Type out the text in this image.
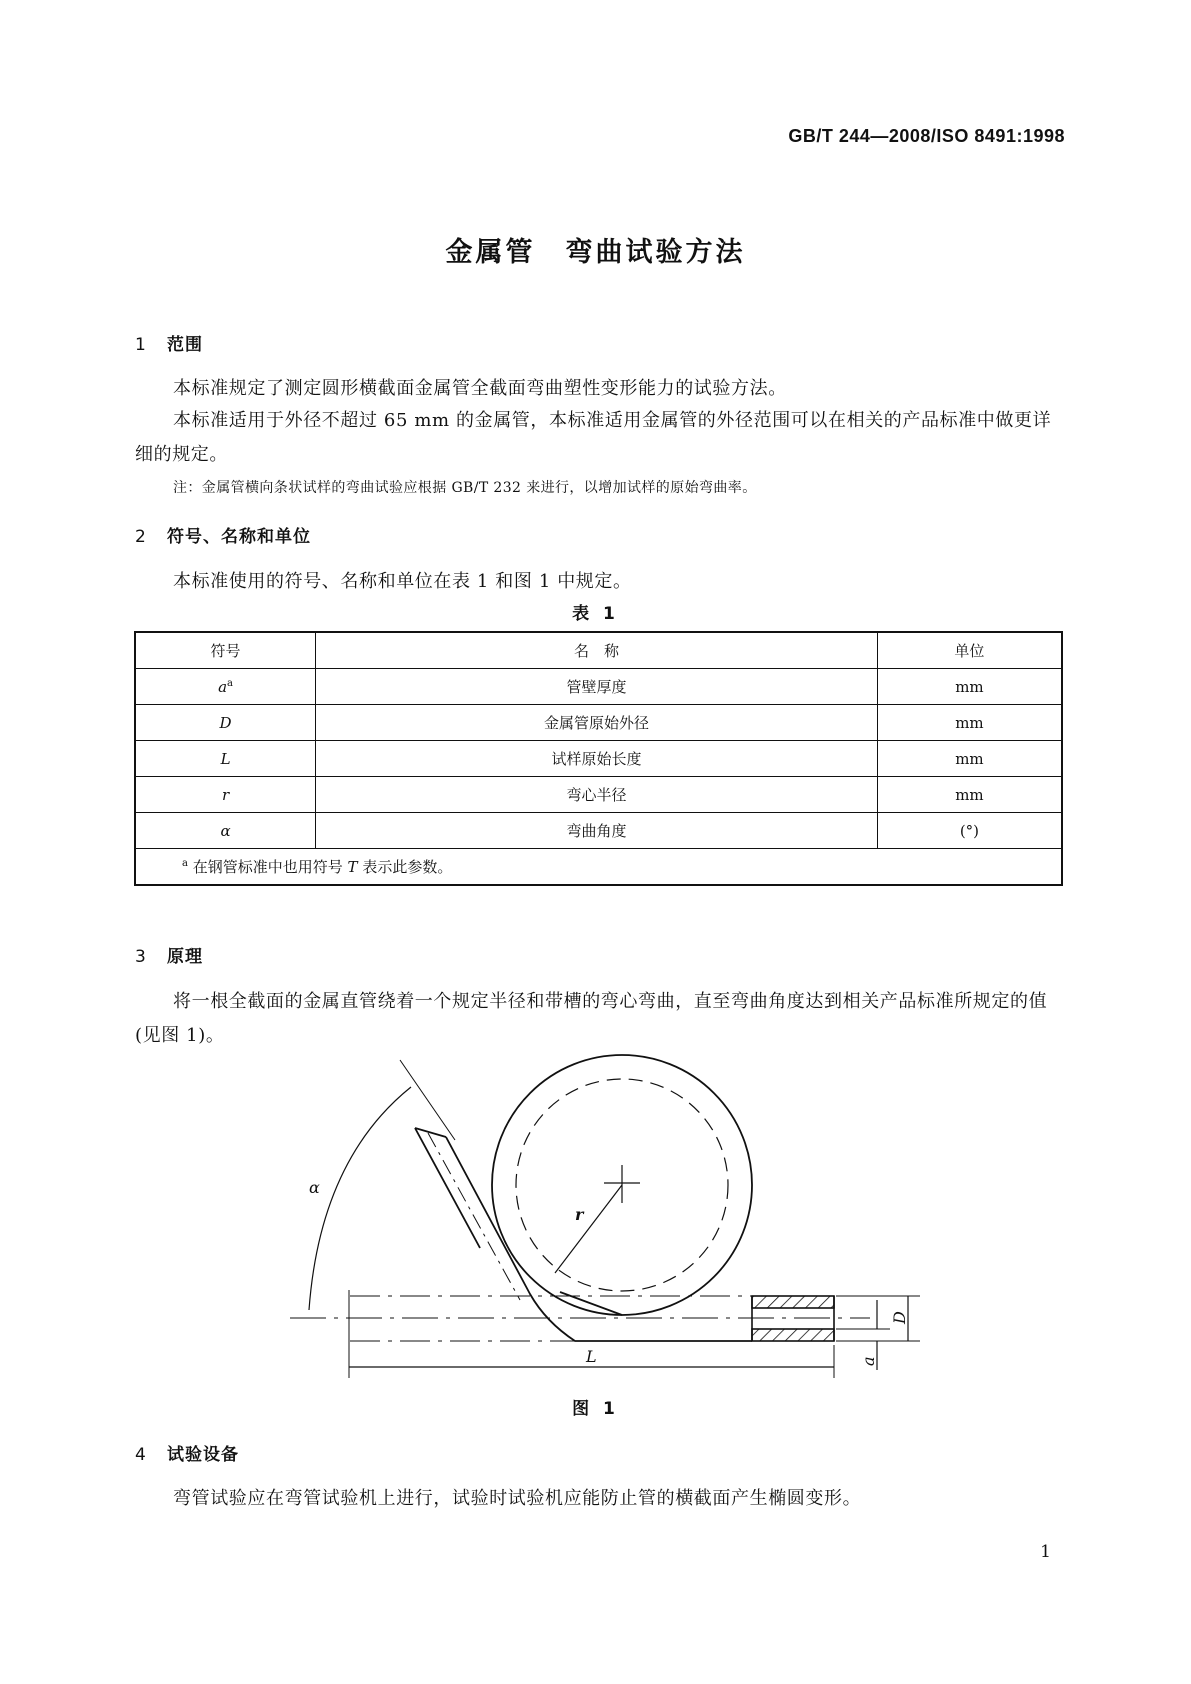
GB/T 244—2008/ISO 8491:1998
金属管　弯曲试验方法
1 范围
本标准规定了测定圆形横截面金属管全截面弯曲塑性变形能力的试验方法。
本标准适用于外径不超过 65 mm 的金属管，本标准适用金属管的外径范围可以在相关的产品标准中做更详细的规定。
注：金属管横向条状试样的弯曲试验应根据 GB/T 232 来进行，以增加试样的原始弯曲率。
2 符号、名称和单位
本标准使用的符号、名称和单位在表 1 和图 1 中规定。
表 1
符号	名　称	单位
$a^a$	管壁厚度	mm
D	金属管原始外径	mm
L	试样原始长度	mm
r	弯心半径	mm
α	弯曲角度	(°)
$^a$ 在钢管标准中也用符号 T 表示此参数。		
3 原理
将一根全截面的金属直管绕着一个规定半径和带槽的弯心弯曲，直至弯曲角度达到相关产品标准所规定的值(见图 1)。
α
r
L
D
a
图 1
4 试验设备
弯管试验应在弯管试验机上进行，试验时试验机应能防止管的横截面产生椭圆变形。
1
